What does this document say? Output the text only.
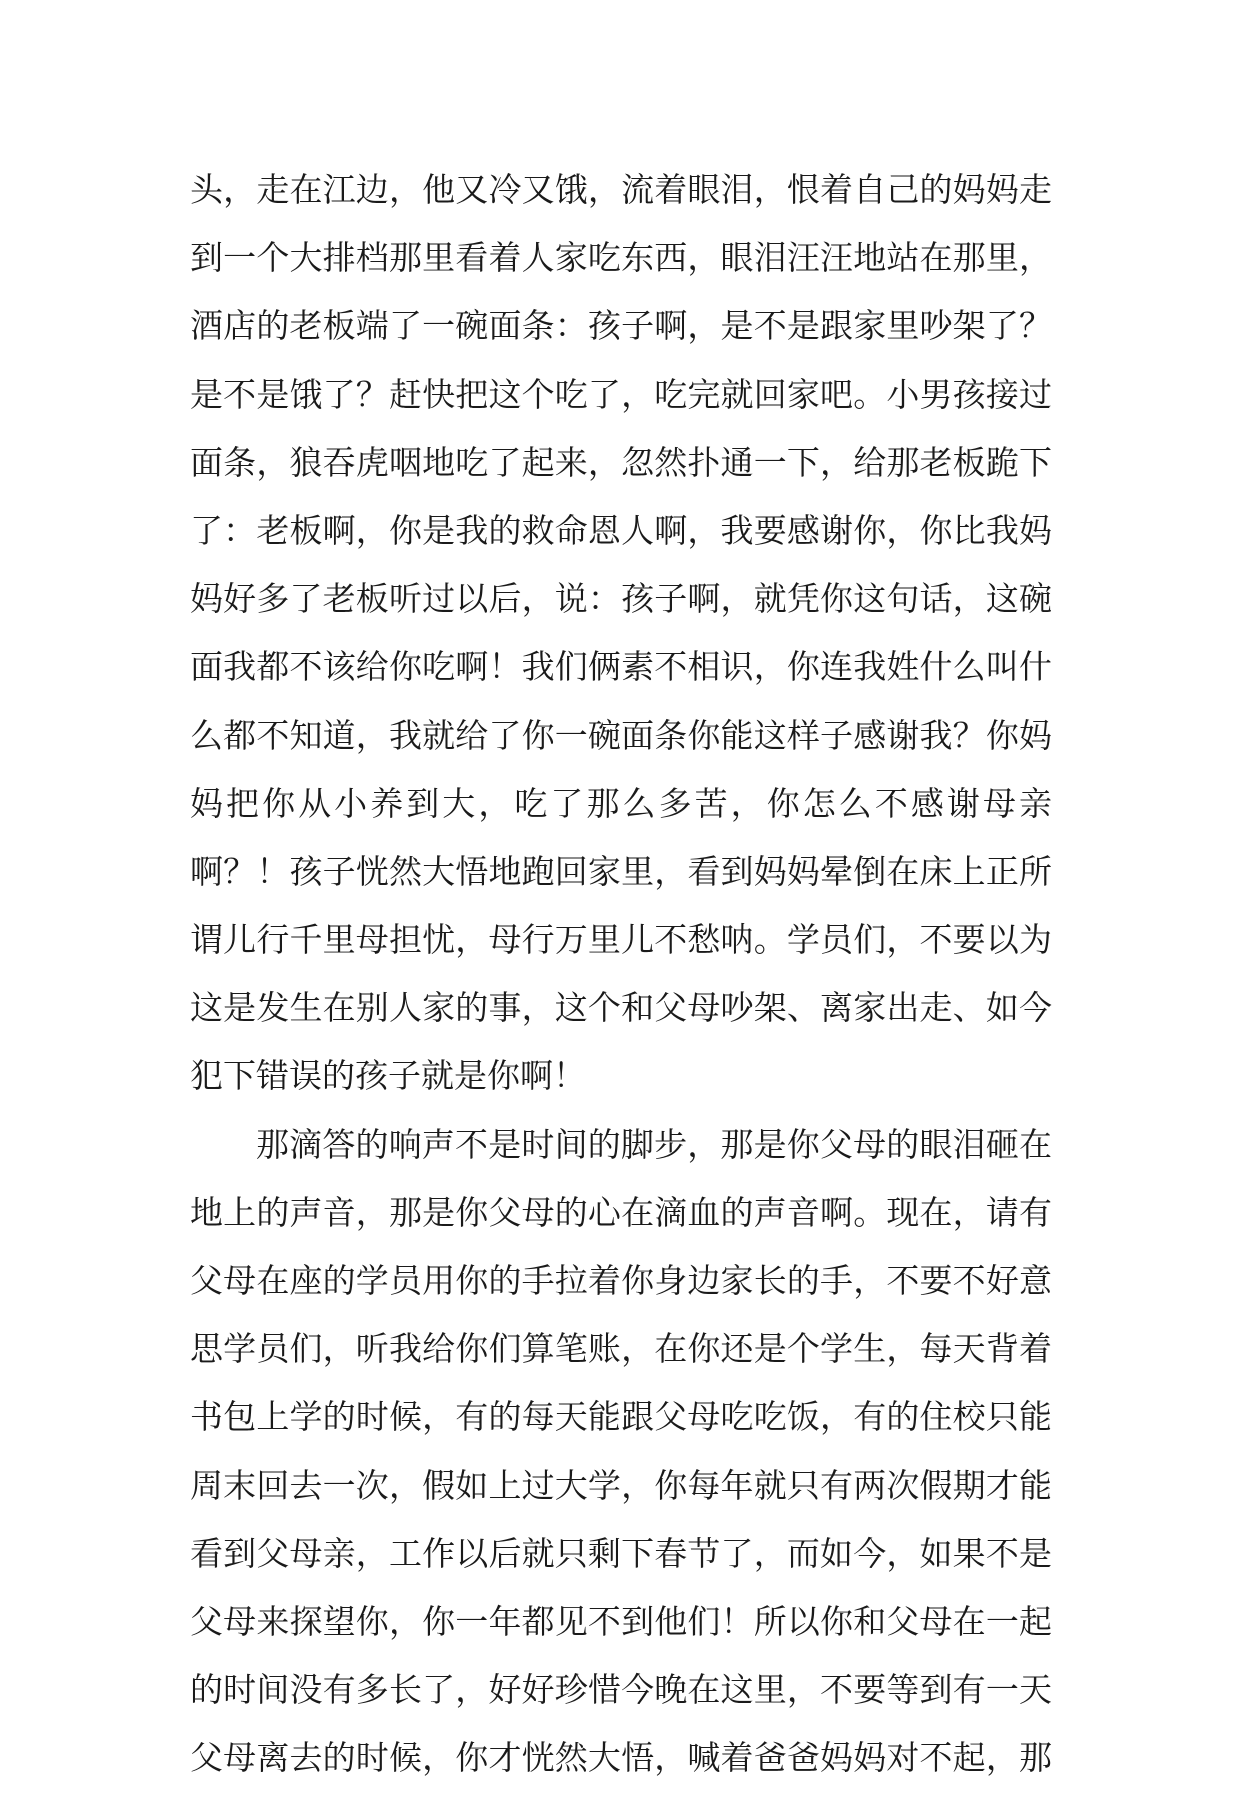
头，走在江边，他又冷又饿，流着眼泪，恨着自己的妈妈走
到一个大排档那里看着人家吃东西，眼泪汪汪地站在那里，
酒店的老板端了一碗面条：孩子啊，是不是跟家里吵架了？
是不是饿了？赶快把这个吃了，吃完就回家吧。小男孩接过
面条，狼吞虎咽地吃了起来，忽然扑通一下，给那老板跪下
了：老板啊，你是我的救命恩人啊，我要感谢你，你比我妈
妈好多了老板听过以后，说：孩子啊，就凭你这句话，这碗
面我都不该给你吃啊！我们俩素不相识，你连我姓什么叫什
么都不知道，我就给了你一碗面条你能这样子感谢我？你妈
妈把你从小养到大，吃了那么多苦，你怎么不感谢母亲
啊？！孩子恍然大悟地跑回家里，看到妈妈晕倒在床上正所
谓儿行千里母担忧，母行万里儿不愁呐。学员们，不要以为
这是发生在别人家的事，这个和父母吵架、离家出走、如今
犯下错误的孩子就是你啊！
那滴答的响声不是时间的脚步，那是你父母的眼泪砸在
地上的声音，那是你父母的心在滴血的声音啊。现在，请有
父母在座的学员用你的手拉着你身边家长的手，不要不好意
思学员们，听我给你们算笔账，在你还是个学生，每天背着
书包上学的时候，有的每天能跟父母吃吃饭，有的住校只能
周末回去一次，假如上过大学，你每年就只有两次假期才能
看到父母亲，工作以后就只剩下春节了，而如今，如果不是
父母来探望你，你一年都见不到他们！所以你和父母在一起
的时间没有多长了，好好珍惜今晚在这里，不要等到有一天
父母离去的时候，你才恍然大悟，喊着爸爸妈妈对不起，那
